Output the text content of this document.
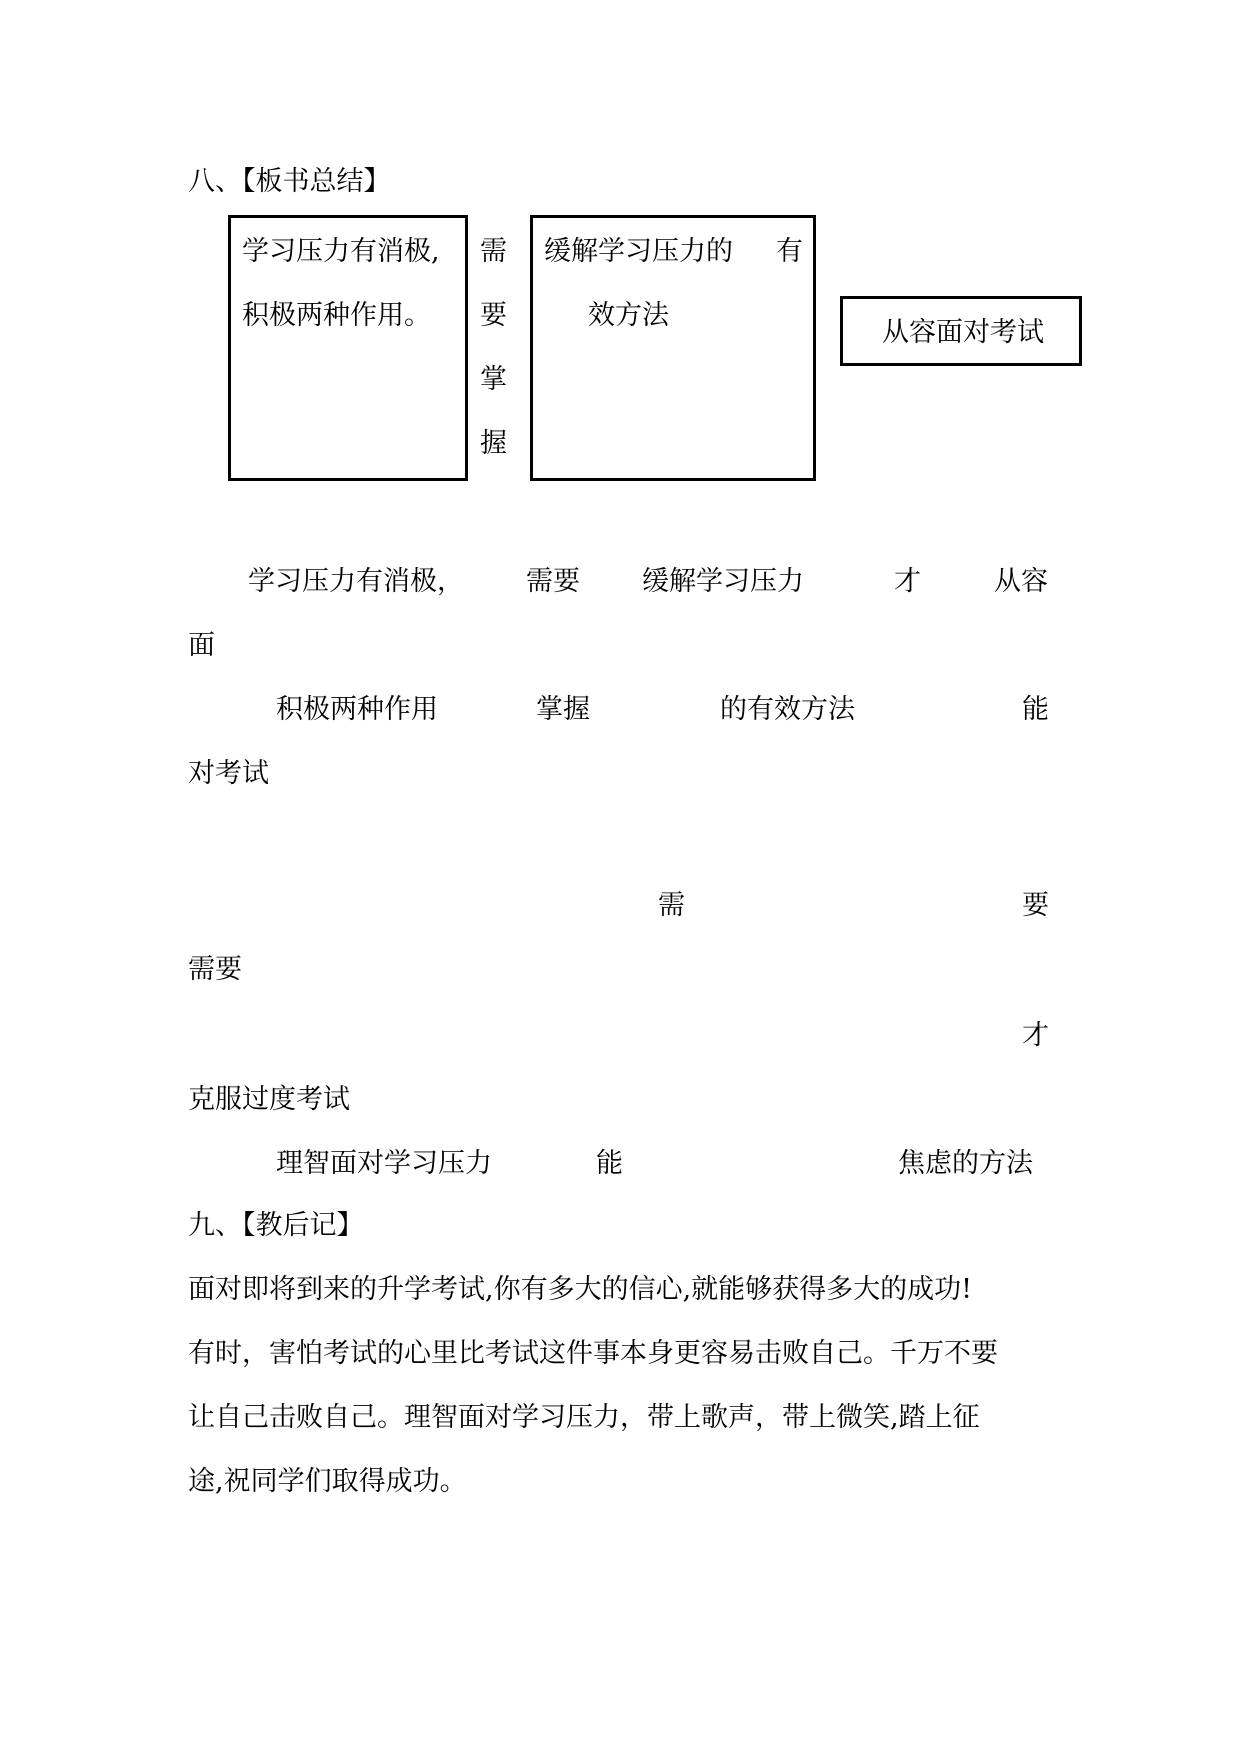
八、【板书总结】
学习压力有消极,
积极两种作用。
需
要
掌
握
缓解学习压力的 有
效方法
从容面对考试
学习压力有消极， 需要 缓解学习压力	才	从容
面
积极两种作用	掌握	的有效方法	能
对考试
需	要
需要
才
克服过度考试
理智面对学习压力	能	焦虑的方法
九、【教后记】
面对即将到来的升学考试,你有多大的信心,就能够获得多大的成功!
有时，害怕考试的心里比考试这件事本身更容易击败自己。千万不要
让自己击败自己。理智面对学习压力，带上歌声，带上微笑,踏上征
途,祝同学们取得成功。
